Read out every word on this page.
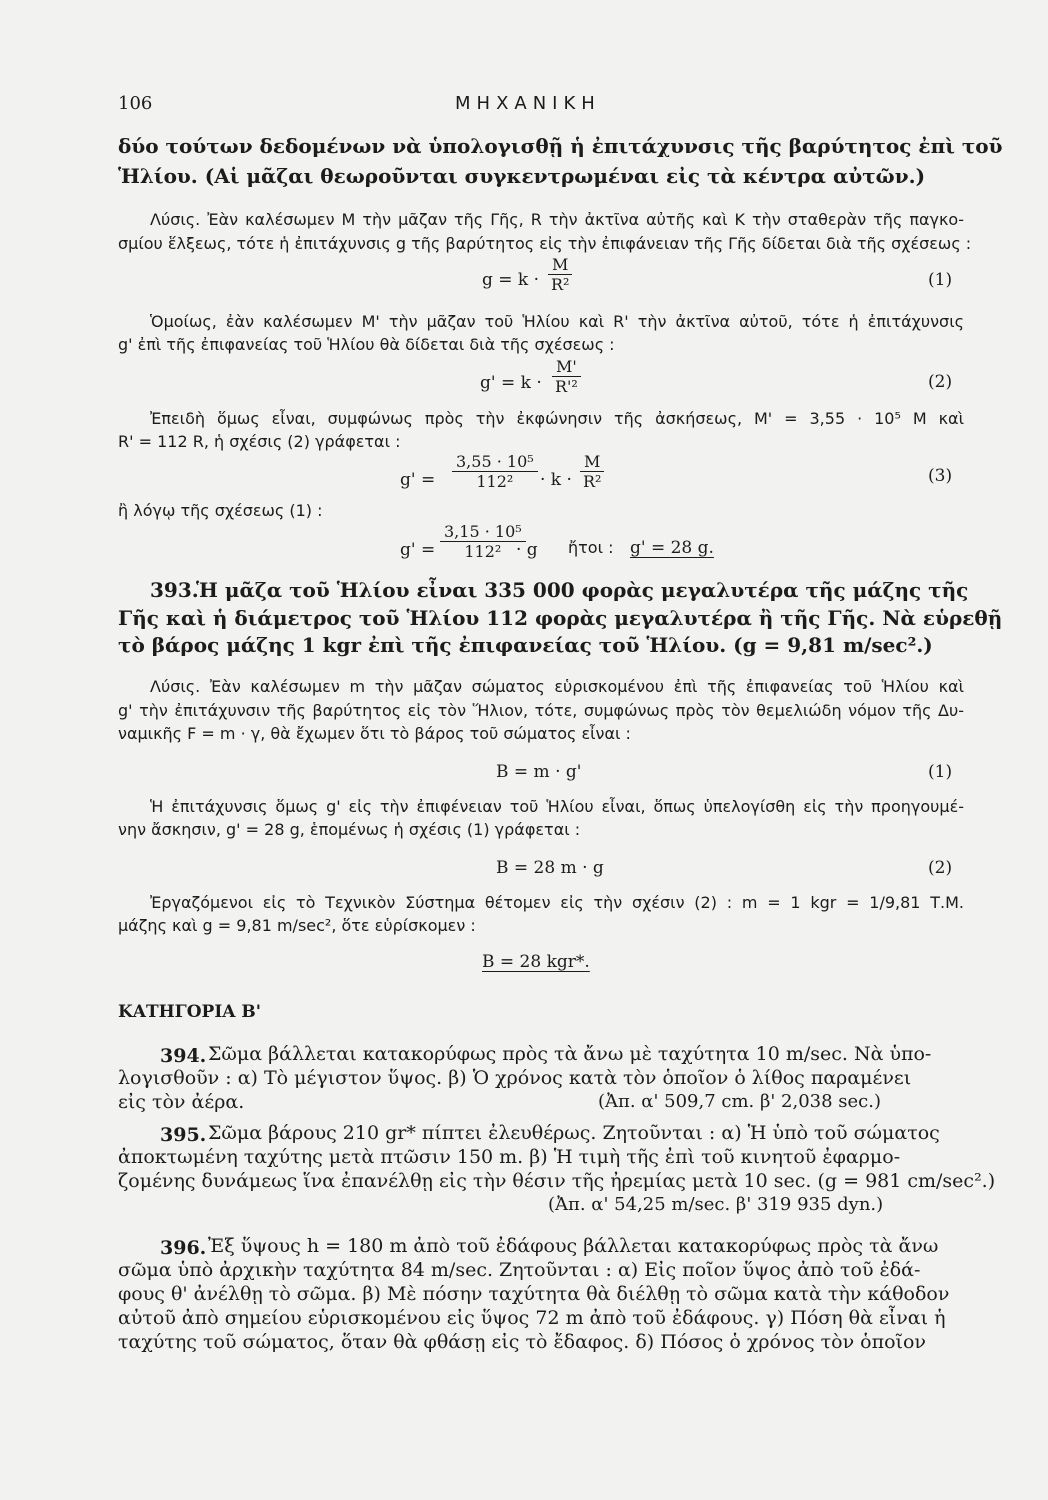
106	ΜΗΧΑΝΙΚΗ
δύο τούτων δεδομένων νὰ ὑπολογισθῇ ἡ ἐπιτάχυνσις τῆς βαρύτητος ἐπὶ τοῦ
Ἡλίου. (Αἱ μᾶζαι θεωροῦνται συγκεντρωμέναι εἰς τὰ κέντρα αὐτῶν.)
Λύσις. Ἐὰν καλέσωμεν Μ τὴν μᾶζαν τῆς Γῆς, R τὴν ἀκτῖνα αὐτῆς καὶ Κ τὴν σταθερὰν τῆς παγκο-
σμίου ἕλξεως, τότε ἡ ἐπιτάχυνσις g τῆς βαρύτητος εἰς τὴν ἐπιφάνειαν τῆς Γῆς δίδεται διὰ τῆς σχέσεως :
$g = k \cdot \frac{M}{\text{R²}}$	(1)
Ὁμοίως, ἐὰν καλέσωμεν Μ' τὴν μᾶζαν τοῦ Ἡλίου καὶ R' τὴν ἀκτῖνα αὐτοῦ, τότε ἡ ἐπιτάχυνσις
g' ἐπὶ τῆς ἐπιφανείας τοῦ Ἡλίου θὰ δίδεται διὰ τῆς σχέσεως :
$g' = k \cdot \frac{M'}{\text{R'²}}$	(2)
Ἐπειδὴ ὅμως εἶναι, συμφώνως πρὸς τὴν ἐκφώνησιν τῆς ἀσκήσεως, Μ' = 3,55 · 10⁵ Μ καὶ
R' = 112 R, ἡ σχέσις (2) γράφεται :
$g' = \frac{\text{3,55 · 10⁵}}{\text{112²}} \cdot k \cdot \frac{M}{\text{R²}}$	(3)
ἢ λόγῳ τῆς σχέσεως (1) :
$g' = \frac{\text{3,15 · 10⁵}}{\text{112²}}$
· g ἤτοι : g' = 28 g.
393.
Ἡ μᾶζα τοῦ Ἡλίου εἶναι 335 000 φορὰς μεγαλυτέρα τῆς μάζης τῆς
Γῆς καὶ ἡ διάμετρος τοῦ Ἡλίου 112 φορὰς μεγαλυτέρα ἢ τῆς Γῆς. Νὰ εὑρεθῇ
τὸ βάρος μάζης 1 kgr ἐπὶ τῆς ἐπιφανείας τοῦ Ἡλίου. (g = 9,81 m/sec².)
Λύσις. Ἐὰν καλέσωμεν m τὴν μᾶζαν σώματος εὑρισκομένου ἐπὶ τῆς ἐπιφανείας τοῦ Ἡλίου καὶ
g' τὴν ἐπιτάχυνσιν τῆς βαρύτητος εἰς τὸν Ἥλιον, τότε, συμφώνως πρὸς τὸν θεμελιώδη νόμον τῆς Δυ-
ναμικῆς F = m · γ, θὰ ἔχωμεν ὅτι τὸ βάρος τοῦ σώματος εἶναι :
B = m · g'	(1)
Ἡ ἐπιτάχυνσις ὅμως g' εἰς τὴν ἐπιφένειαν τοῦ Ἡλίου εἶναι, ὅπως ὑπελογίσθη εἰς τὴν προηγουμέ-
νην ἄσκησιν, g' = 28 g, ἑπομένως ἡ σχέσις (1) γράφεται :
B = 28 m · g	(2)
Ἐργαζόμενοι εἰς τὸ Τεχνικὸν Σύστημα θέτομεν εἰς τὴν σχέσιν (2) : m = 1 kgr = 1/9,81 Τ.Μ.
μάζης καὶ g = 9,81 m/sec², ὅτε εὑρίσκομεν :
B = 28 kgr*.
ΚΑΤΗΓΟΡΙΑ Β'
394. Σῶμα βάλλεται κατακορύφως πρὸς τὰ ἄνω μὲ ταχύτητα 10 m/sec. Νὰ ὑπο-
λογισθοῦν : α) Τὸ μέγιστον ὕψος. β) Ὁ χρόνος κατὰ τὸν ὁποῖον ὁ λίθος παραμένει
εἰς τὸν ἀέρα.	(Ἀπ. α' 509,7 cm. β' 2,038 sec.)
395. Σῶμα βάρους 210 gr* πίπτει ἐλευθέρως. Ζητοῦνται : α) Ἡ ὑπὸ τοῦ σώματος
ἀποκτωμένη ταχύτης μετὰ πτῶσιν 150 m. β) Ἡ τιμὴ τῆς ἐπὶ τοῦ κινητοῦ ἐφαρμο-
ζομένης δυνάμεως ἵνα ἐπανέλθῃ εἰς τὴν θέσιν τῆς ἠρεμίας μετὰ 10 sec. (g = 981 cm/sec².)
(Ἀπ. α' 54,25 m/sec. β' 319 935 dyn.)
396. Ἐξ ὕψους h = 180 m ἀπὸ τοῦ ἐδάφους βάλλεται κατακορύφως πρὸς τὰ ἄνω
σῶμα ὑπὸ ἀρχικὴν ταχύτητα 84 m/sec. Ζητοῦνται : α) Εἰς ποῖον ὕψος ἀπὸ τοῦ ἐδά-
φους θ' ἀνέλθῃ τὸ σῶμα. β) Μὲ πόσην ταχύτητα θὰ διέλθῃ τὸ σῶμα κατὰ τὴν κάθοδον
αὐτοῦ ἀπὸ σημείου εὑρισκομένου εἰς ὕψος 72 m ἀπὸ τοῦ ἐδάφους. γ) Πόση θὰ εἶναι ἡ
ταχύτης τοῦ σώματος, ὅταν θὰ φθάσῃ εἰς τὸ ἔδαφος. δ) Πόσος ὁ χρόνος τὸν ὁποῖον
